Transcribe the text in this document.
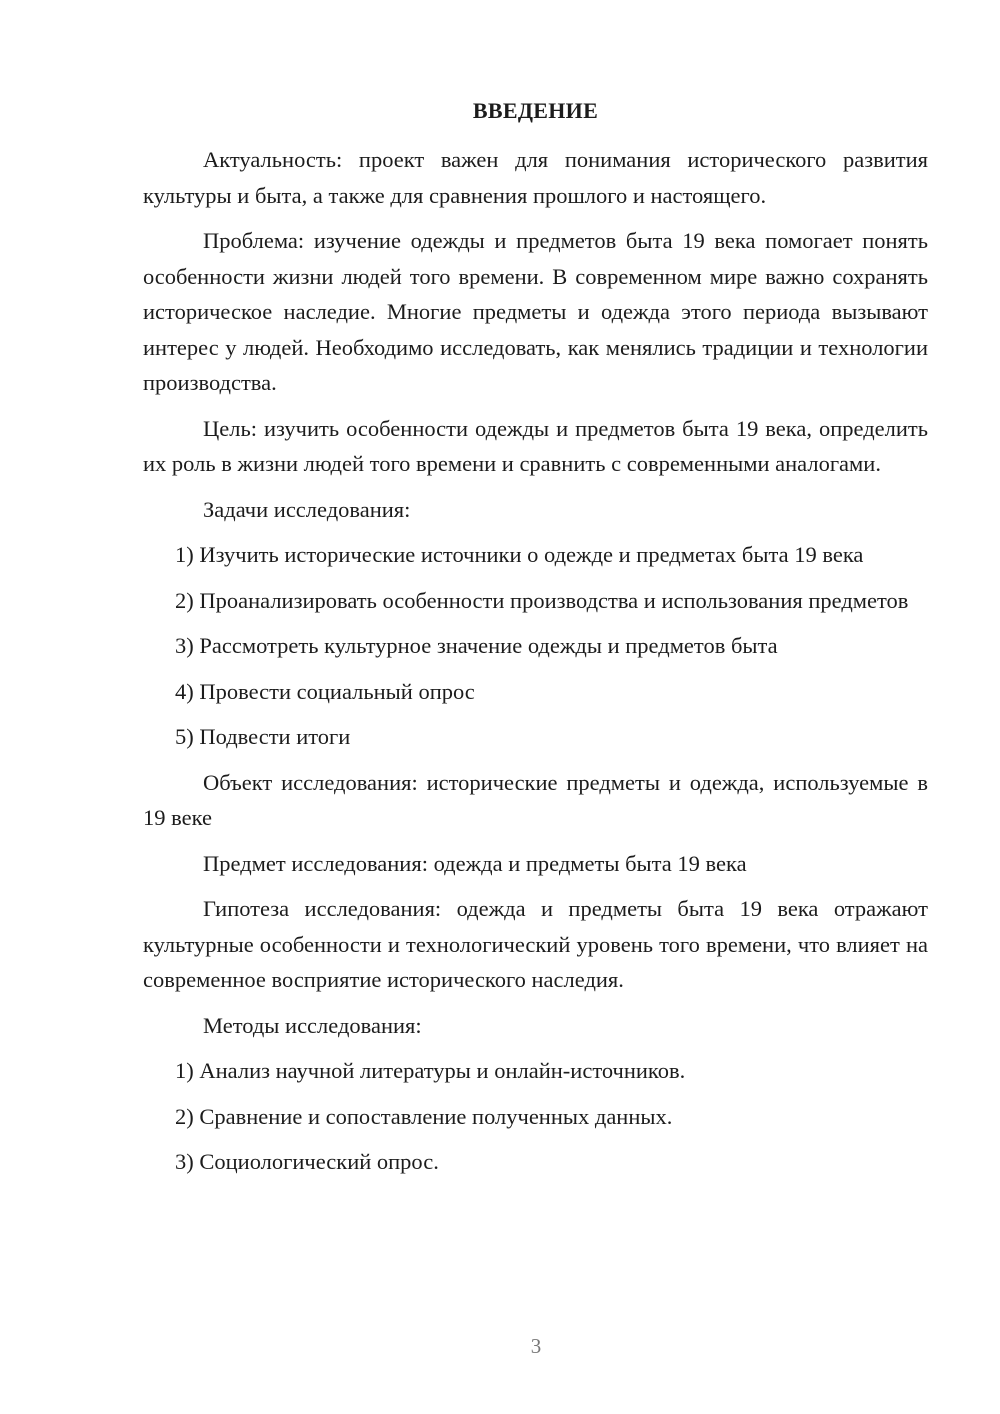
ВВЕДЕНИЕ

Актуальность: проект важен для понимания исторического развития культуры и быта, а также для сравнения прошлого и настоящего.

Проблема: изучение одежды и предметов быта 19 века помогает понять особенности жизни людей того времени. В современном мире важно сохранять историческое наследие. Многие предметы и одежда этого периода вызывают интерес у людей. Необходимо исследовать, как менялись традиции и технологии производства.

Цель: изучить особенности одежды и предметов быта 19 века, определить их роль в жизни людей того времени и сравнить с современными аналогами.

Задачи исследования:

1) Изучить исторические источники о одежде и предметах быта 19 века

2) Проанализировать особенности производства и использования предметов

3) Рассмотреть культурное значение одежды и предметов быта

4) Провести социальный опрос

5) Подвести итоги

Объект исследования: исторические предметы и одежда, используемые в 19 веке

Предмет исследования: одежда и предметы быта 19 века

Гипотеза исследования: одежда и предметы быта 19 века отражают культурные особенности и технологический уровень того времени, что влияет на современное восприятие исторического наследия.

Методы исследования:

1) Анализ научной литературы и онлайн-источников.

2) Сравнение и сопоставление полученных данных.

3) Социологический опрос.

3
